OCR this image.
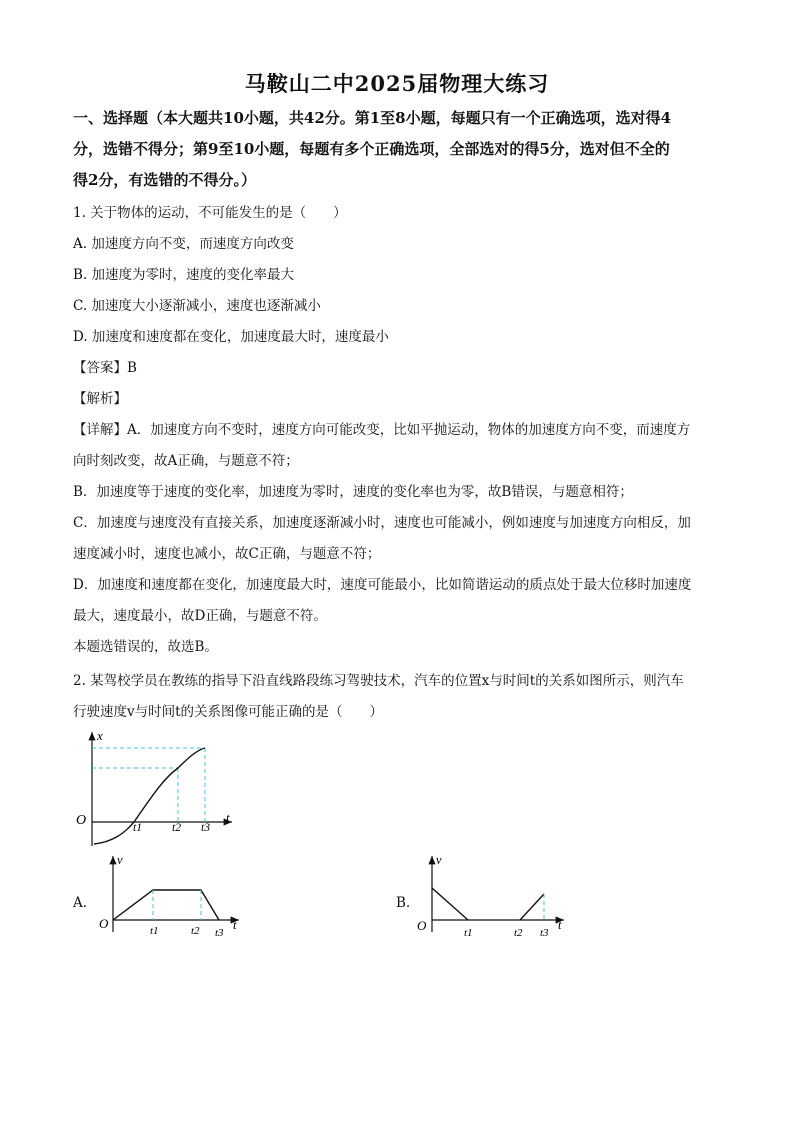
马鞍山二中2025届物理大练习
一、选择题（本大题共10小题，共42分。第1至8小题，每题只有一个正确选项，选对得4
分，选错不得分；第9至10小题，每题有多个正确选项，全部选对的得5分，选对但不全的
得2分，有选错的不得分。）
1. 关于物体的运动，不可能发生的是（　　）
A. 加速度方向不变，而速度方向改变
B. 加速度为零时，速度的变化率最大
C. 加速度大小逐渐减小，速度也逐渐减小
D. 加速度和速度都在变化，加速度最大时，速度最小
【答案】B
【解析】
【详解】A．加速度方向不变时，速度方向可能改变，比如平抛运动，物体的加速度方向不变，而速度方
向时刻改变，故A正确，与题意不符；
B．加速度等于速度的变化率，加速度为零时，速度的变化率也为零，故B错误，与题意相符；
C．加速度与速度没有直接关系，加速度逐渐减小时，速度也可能减小，例如速度与加速度方向相反，加
速度减小时，速度也减小，故C正确，与题意不符；
D．加速度和速度都在变化，加速度最大时，速度可能最小，比如简谐运动的质点处于最大位移时加速度
最大，速度最小，故D正确，与题意不符。
本题选错误的，故选B。
2. 某驾校学员在教练的指导下沿直线路段练习驾驶技术，汽车的位置x与时间t的关系如图所示，则汽车
行驶速度v与时间t的关系图像可能正确的是（　　）
x
t
O	t1	t2 t3
A.
v
t
O	t1	t2 t3
B.
v
t
O	t1	t2 t3
